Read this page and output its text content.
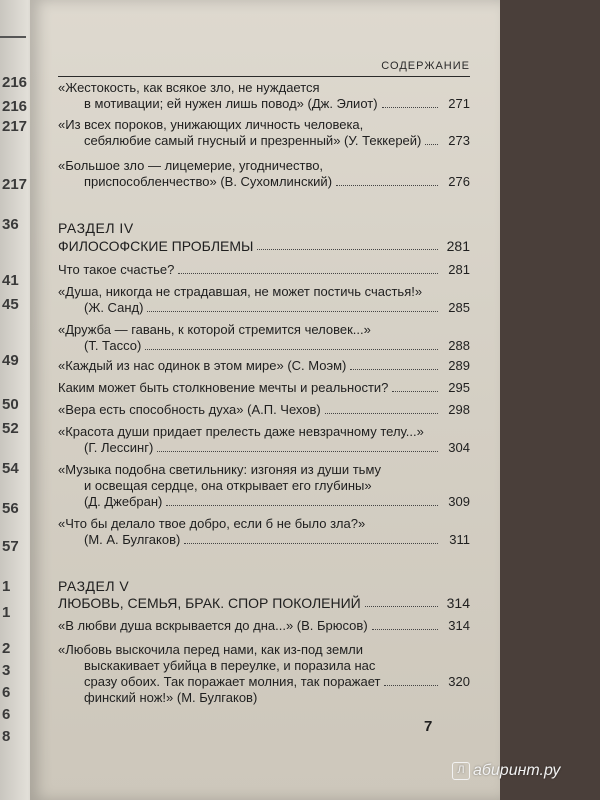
216
216
217
217
36
41
45
49
50
52
54
56
57
1
1
2
3
6
6
8
СОДЕРЖАНИЕ
«Жестокость, как всякое зло, не нуждается
в мотивации; ей нужен лишь повод» (Дж. Элиот)	271
«Из всех пороков, унижающих личность человека,
себялюбие самый гнусный и презренный» (У. Теккерей)	273
«Большое зло — лицемерие, угодничество,
приспособленчество» (В. Сухомлинский)	276
РАЗДЕЛ IV
ФИЛОСОФСКИЕ ПРОБЛЕМЫ	281
Что такое счастье?	281
«Душа, никогда не страдавшая, не может постичь счастья!»
(Ж. Санд)	285
«Дружба — гавань, к которой стремится человек...»
(Т. Тассо)	288
«Каждый из нас одинок в этом мире» (С. Моэм)	289
Каким может быть столкновение мечты и реальности?	295
«Вера есть способность духа» (А.П. Чехов)	298
«Красота души придает прелесть даже невзрачному телу...»
(Г. Лессинг)	304
«Музыка подобна светильнику: изгоняя из души тьму
и освещая сердце, она открывает его глубины»
(Д. Джебран)	309
«Что бы делало твое добро, если б не было зла?»
(М. А. Булгаков)	311
РАЗДЕЛ V
ЛЮБОВЬ, СЕМЬЯ, БРАК. СПОР ПОКОЛЕНИЙ	314
«В любви душа вскрывается до дна...» (В. Брюсов)	314
«Любовь выскочила перед нами, как из-под земли
выскакивает убийца в переулке, и поразила нас
сразу обоих. Так поражает молния, так поражает	320
финский нож!» (М. Булгаков)
7
Л абиринт.ру
